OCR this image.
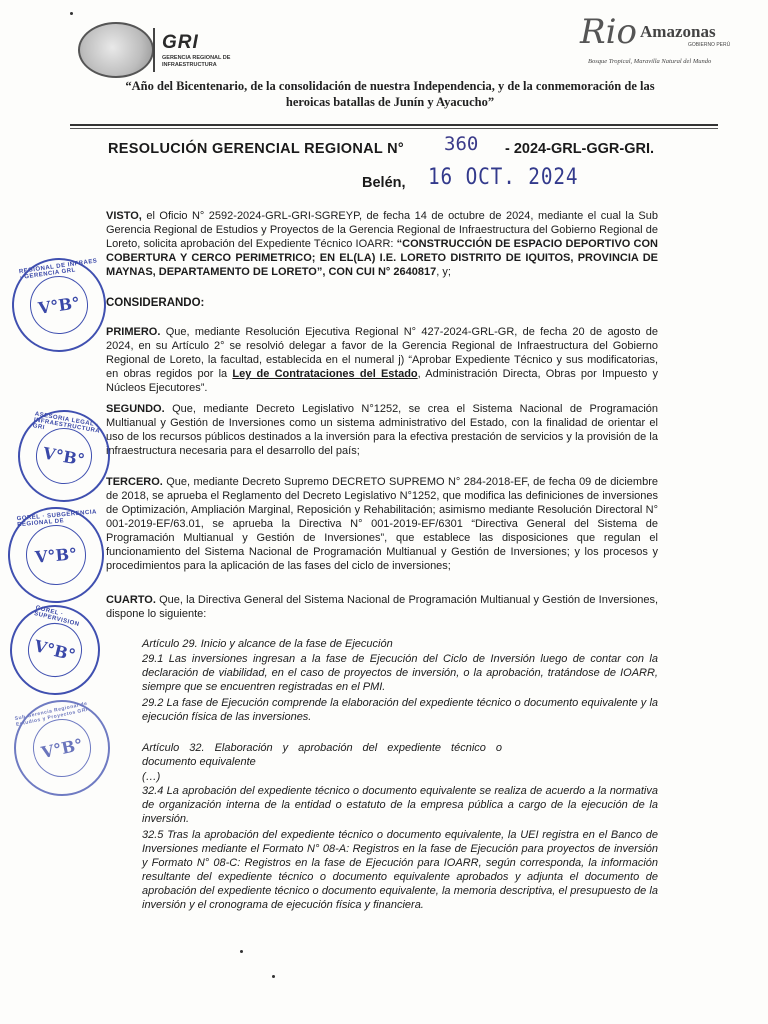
GRI
GERENCIA REGIONAL DE INFRAESTRUCTURA
Rio Amazonas
GOBIERNO PERÚ
Bosque Tropical, Maravilla Natural del Mundo
“Año del Bicentenario, de la consolidación de nuestra Independencia, y de la conmemoración de las
heroicas batallas de Junín y Ayacucho”
RESOLUCIÓN GERENCIAL REGIONAL N° 360 - 2024-GRL-GGR-GRI.
Belén, 16 OCT. 2024
VISTO, el Oficio N° 2592-2024-GRL-GRI-SGREYP, de fecha 14 de octubre de 2024, mediante el cual la Sub Gerencia Regional de Estudios y Proyectos de la Gerencia Regional de Infraestructura del Gobierno Regional de Loreto, solicita aprobación del Expediente Técnico IOARR: “CONSTRUCCIÓN DE ESPACIO DEPORTIVO CON COBERTURA Y CERCO PERIMETRICO; EN EL(LA) I.E. LORETO DISTRITO DE IQUITOS, PROVINCIA DE MAYNAS, DEPARTAMENTO DE LORETO”, CON CUI N° 2640817, y;
CONSIDERANDO:
PRIMERO. Que, mediante Resolución Ejecutiva Regional N° 427-2024-GRL-GR, de fecha 20 de agosto de 2024, en su Artículo 2° se resolvió delegar a favor de la Gerencia Regional de Infraestructura del Gobierno Regional de Loreto, la facultad, establecida en el numeral j) “Aprobar Expediente Técnico y sus modificatorias, en obras regidos por la Ley de Contrataciones del Estado, Administración Directa, Obras por Impuesto y Núcleos Ejecutores”.
SEGUNDO. Que, mediante Decreto Legislativo N°1252, se crea el Sistema Nacional de Programación Multianual y Gestión de Inversiones como un sistema administrativo del Estado, con la finalidad de orientar el uso de los recursos públicos destinados a la inversión para la efectiva prestación de servicios y la provisión de la infraestructura necesaria para el desarrollo del país;
TERCERO. Que, mediante Decreto Supremo DECRETO SUPREMO N° 284-2018-EF, de fecha 09 de diciembre de 2018, se aprueba el Reglamento del Decreto Legislativo N°1252, que modifica las definiciones de inversiones de Optimización, Ampliación Marginal, Reposición y Rehabilitación; asimismo mediante Resolución Directoral N° 001-2019-EF/63.01, se aprueba la Directiva N° 001-2019-EF/6301 “Directiva General del Sistema de Programación Multianual y Gestión de Inversiones”, que establece las disposiciones que regulan el funcionamiento del Sistema Nacional de Programación Multianual y Gestión de Inversiones; y los procesos y procedimientos para la aplicación de las fases del ciclo de inversiones;
CUARTO. Que, la Directiva General del Sistema Nacional de Programación Multianual y Gestión de Inversiones, dispone lo siguiente:
Artículo 29. Inicio y alcance de la fase de Ejecución
29.1 Las inversiones ingresan a la fase de Ejecución del Ciclo de Inversión luego de contar con la declaración de viabilidad, en el caso de proyectos de inversión, o la aprobación, tratándose de IOARR, siempre que se encuentren registradas en el PMI.
29.2 La fase de Ejecución comprende la elaboración del expediente técnico o documento equivalente y la ejecución física de las inversiones.
Artículo 32. Elaboración y aprobación del expediente técnico o documento equivalente
(…)
32.4 La aprobación del expediente técnico o documento equivalente se realiza de acuerdo a la normativa de organización interna de la entidad o estatuto de la empresa pública a cargo de la ejecución de la inversión.
32.5 Tras la aprobación del expediente técnico o documento equivalente, la UEI registra en el Banco de Inversiones mediante el Formato N° 08-A: Registros en la fase de Ejecución para proyectos de inversión y Formato N° 08-C: Registros en la fase de Ejecución para IOARR, según corresponda, la información resultante del expediente técnico o documento equivalente aprobados y adjunta el documento de aprobación del expediente técnico o documento equivalente, la memoria descriptiva, el presupuesto de la inversión y el cronograma de ejecución física y financiera.
V°B°
REGIONAL DE INFRAES · GERENCIA GRL
V°B°
ASESORIA LEGAL · INFRAESTRUCTURA GRI
V°B°
GOREL · SUBGERENCIA REGIONAL DE
V°B°
GOREL · SUPERVISION
V°B°
Sub Gerencia Regional de Estudios y Proyectos GRI
